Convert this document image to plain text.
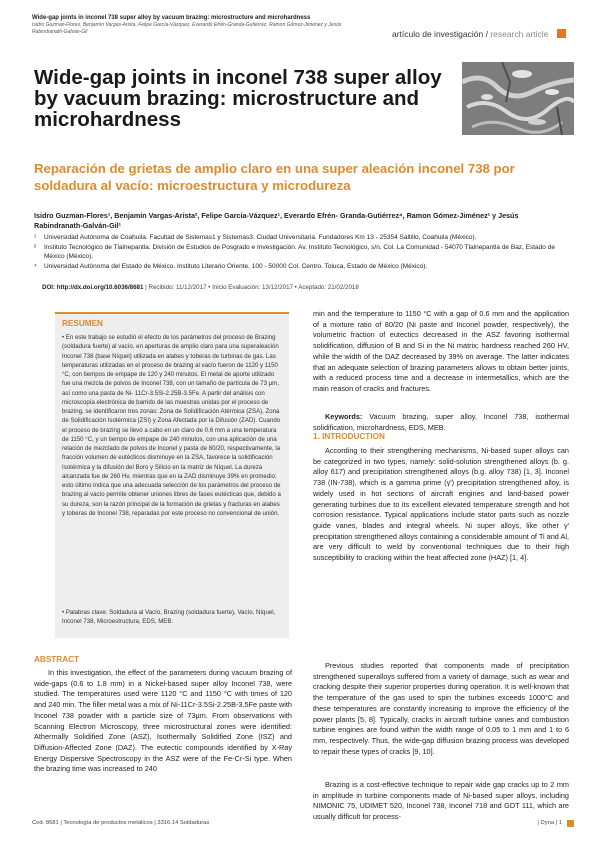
Wide-gap joints in inconel 738 super alloy by vacuum brazing: microstructure and microhardness
Isidro Guzman-Flores, Benjamín Vargas-Arista, Felipe García-Vázquez, Everardo Efrén-Granda-Gutiérrez, Ramon Gómez-Jiménez y Jesús Rabindranath-Galván-Gil	artículo de investigación / research article
Wide-gap joints in inconel 738 super alloy by vacuum brazing: microstructure and microhardness
Reparación de grietas de amplio claro en una super aleación inconel 738 por soldadura al vacío: microestructura y microdureza
Isidro Guzman-Flores¹, Benjamín Vargas-Arista², Felipe García-Vázquez¹, Everardo Efrén- Granda-Gutiérrez⁴, Ramon Gómez-Jiménez¹ y Jesús Rabindranath-Galván-Gil¹
¹	Universidad Autónoma de Coahuila. Facultad de Sistemas1 y Sistemas3. Ciudad Universitaria. Fundadores Km 13 - 25354 Saltillo, Coahuila (México).
²	Instituto Tecnológico de Tlalnepantla. División de Estudios de Posgrado e Investigación. Av. Instituto Tecnológico, s/n. Col. La Comunidad - 54070 Tlalnepantla de Baz, Estado de México (México).
⁴	Universidad Autónoma del Estado de México. Instituto Literario Oriente, 100 - 50000 Col. Centro. Toluca, Estado de México (México).
DOI: http://dx.doi.org/10.6036/8681 | Recibido: 11/12/2017 • Inicio Evaluación: 13/12/2017 • Aceptado: 21/02/2018
RESUMEN
• En este trabajo se estudió el efecto de los parámetros del proceso de Brazing (soldadura fuerte) al vacío, en aperturas de amplio claro para una superaleación Inconel 738 (base Níquel) utilizada en alabes y toberas de turbinas de gas. Las temperaturas utilizadas en el proceso de brazing al vacío fueron de 1120 y 1150 °C, con tiempos de empape de 120 y 240 minutos. El metal de aporte utilizado fue una mezcla de polvos de Inconel 738, con un tamaño de partícula de 73 μm, así como una pasta de Ni- 11Cr-3.5Si-2.25B-3.5Fe. A partir del análisis con microscopía electrónica de barrido de las muestras unidas por el proceso de brazing, se identificaron tres zonas: Zona de Solidificación Atérmica (ZSA), Zona de Solidificación Isotérmica (ZSI) y Zona Afectada por la Difusión (ZAD). Cuando el proceso de brazing se llevó a cabo en un claro de 0.6 mm a una temperatura de 1150 °C, y un tiempo de empape de 240 minutos, con una aplicación de una relación de mezclado de polvos de Inconel y pasta de 80/20, respectivamente, la fracción volumen de eutécticos disminuye en la ZSA, favorece la solidificación Isotérmica y la difusión del Boro y Silicio en la matriz de Níquel. La dureza alcanzada fue de 260 Hv, mientras que en la ZAD disminuye 39% en promedio; esto último indica que una adecuada selección de los parámetros del proceso de brazing al vacío permite obtener uniones libres de fases eutécticas que, debido a su dureza, son la razón principal de la formación de grietas y fracturas en alabes y toberas de Inconel 738, reparadas por este proceso no convencional de unión.
• Palabras clave: Soldadura al Vacío, Brazing (soldadura fuerte), Vacío, Níquel, Inconel 738, Microestructura, EDS, MEB.
ABSTRACT
In this investigation, the effect of the parameters during vacuum brazing of wide-gaps (0.6 to 1.8 mm) in a Nickel-based super alloy Inconel 738, were studied. The temperatures used were 1120 °C and 1150 °C with times of 120 and 240 min. The filler metal was a mix of Ni-11Cr-3.5Si-2.25B-3.5Fe paste with Inconel 738 powder with a particle size of 73μm. From observations with Scanning Electron Microscopy, three microstructural zones were identified: Athermally Solidified Zone (ASZ), Isothermally Solidified Zone (ISZ) and Diffusion-Affected Zone (DAZ). The eutectic compounds identified by X-Ray Energy Dispersive Spectroscopy in the ASZ were of the Fe-Cr-Si type. When the brazing time was increased to 240
min and the temperature to 1150 °C with a gap of 0.6 mm and the application of a mixture ratio of 80/20 (Ni paste and Inconel powder, respectively), the volumetric fraction of eutectics decreased in the ASZ favoring isothermal solidification, diffusion of B and Si in the Ni matrix; hardness reached 260 HV, while the width of the DAZ decreased by 39% on average. The latter indicates that an adequate selection of brazing parameters allows to obtain better joints, with a reduced process time and a decrease in intermetallics, which are the main reason of cracks and fractures.
Keywords: Vacuum brazing, super alloy, Inconel 738, isothermal solidification, microhardness, EDS, MEB.
1. INTRODUCTION
According to their strengthening mechanisms, Ni-based super alloys can be categorized in two types, namely: solid-solution strengthened alloys (b. g. alloy 617) and precipitation strengthened alloys (b.g. alloy 738) [1, 3]. Inconel 738 (IN-738), which is a gamma prime (γ') precipitation strengthened alloy, is widely used in hot sections of aircraft engines and land-based power generating turbines due to its excellent elevated temperature strength and hot corrosion resistance. Typical applications include stator parts such as nozzle guide vanes, blades and integral wheels. Ni super alloys, like other γ' precipitation strengthened alloys containing a considerable amount of Ti and Al, are very difficult to weld by conventional techniques due to their high susceptibility to cracking within the heat affected zone (HAZ) [1, 4].
Previous studies reported that components made of precipitation strengthened superalloys suffered from a variety of damage, such as wear and cracking despite their superior properties during operation. It is well-known that the temperature of the gas used to spin the turbines exceeds 1000°C and these temperatures are constantly increasing to improve the efficiency of the power plants [5, 8]. Typically, cracks in aircraft turbine vanes and combustion turbine engines are found within the width range of 0.05 to 1 mm and 1 to 6 mm, respectively. Thus, the wide-gap diffusion brazing process was developed to repair these types of cracks [9, 10].
Brazing is a cost-effective technique to repair wide gap cracks up to 2 mm in amplitude in turbine components made of Ni-based super alloys, including NIMONIC 75, UDIMET 520, Inconel 738, Inconel 718 and GDT 111, which are usually difficult for process-
Cod. 8681 | Tecnología de productos metálicos | 3316.14 Soldaduras	| Dyna | 1
